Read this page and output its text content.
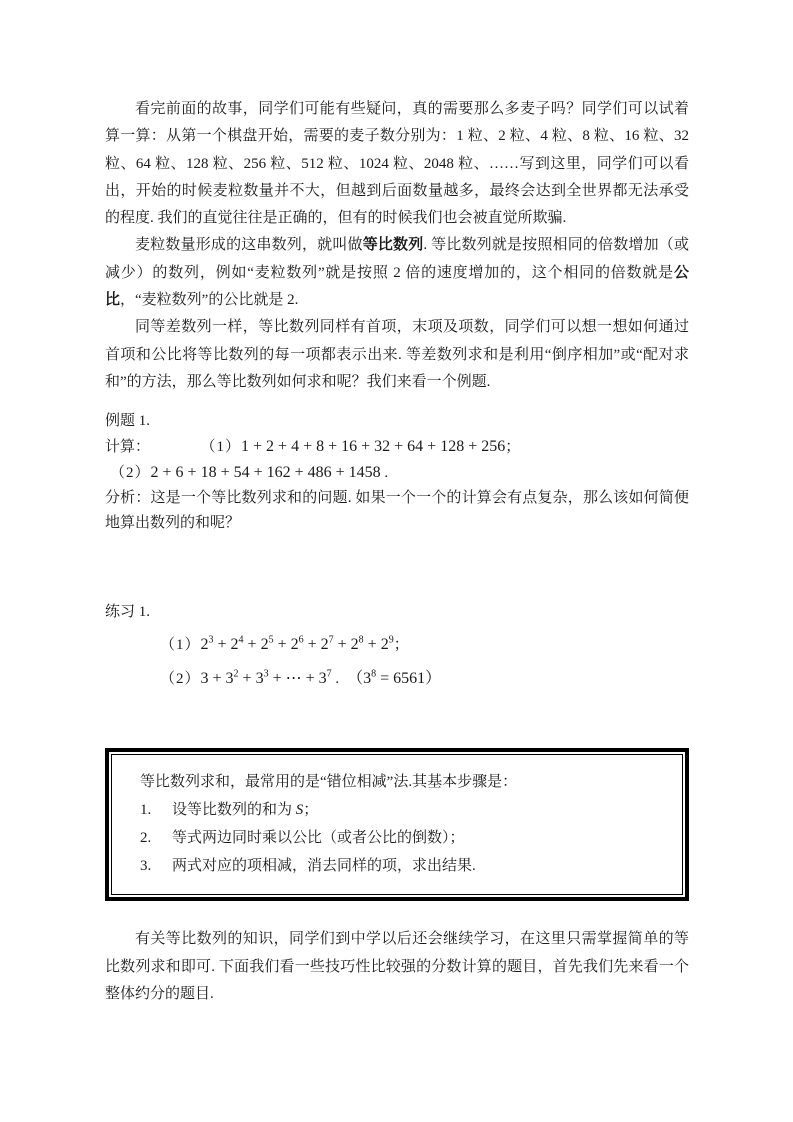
看完前面的故事，同学们可能有些疑问，真的需要那么多麦子吗？同学们可以试着算一算：从第一个棋盘开始，需要的麦子数分别为：1 粒、2 粒、4 粒、8 粒、16 粒、32 粒、64 粒、128 粒、256 粒、512 粒、1024 粒、2048 粒、……写到这里，同学们可以看出，开始的时候麦粒数量并不大，但越到后面数量越多，最终会达到全世界都无法承受的程度. 我们的直觉往往是正确的，但有的时候我们也会被直觉所欺骗.

麦粒数量形成的这串数列，就叫做等比数列. 等比数列就是按照相同的倍数增加（或减少）的数列，例如“麦粒数列”就是按照 2 倍的速度增加的，这个相同的倍数就是公比，“麦粒数列”的公比就是 2.

同等差数列一样，等比数列同样有首项，末项及项数，同学们可以想一想如何通过首项和公比将等比数列的每一项都表示出来. 等差数列求和是利用“倒序相加”或“配对求和”的方法，那么等比数列如何求和呢？我们来看一个例题.

例题 1.

计算：	（1）1 + 2 + 4 + 8 + 16 + 32 + 64 + 128 + 256；

（2）2 + 6 + 18 + 54 + 162 + 486 + 1458 .

分析：这是一个等比数列求和的问题. 如果一个一个的计算会有点复杂，那么该如何简便地算出数列的和呢？

练习 1.

$(1)2^3 + 2^4 + 2^5 + 2^6 + 2^7 + 2^8 + 2^9$；

$(2)3 + 3^2 + 3^3$ + ⋯ + $3^7$ . $(3^8 = 6561)$

等比数列求和，最常用的是“错位相减”法.其基本步骤是：

1.	设等比数列的和为 S；

2.	等式两边同时乘以公比（或者公比的倒数）；

3.	两式对应的项相减，消去同样的项，求出结果.

有关等比数列的知识，同学们到中学以后还会继续学习，在这里只需掌握简单的等比数列求和即可. 下面我们看一些技巧性比较强的分数计算的题目，首先我们先来看一个整体约分的题目.
